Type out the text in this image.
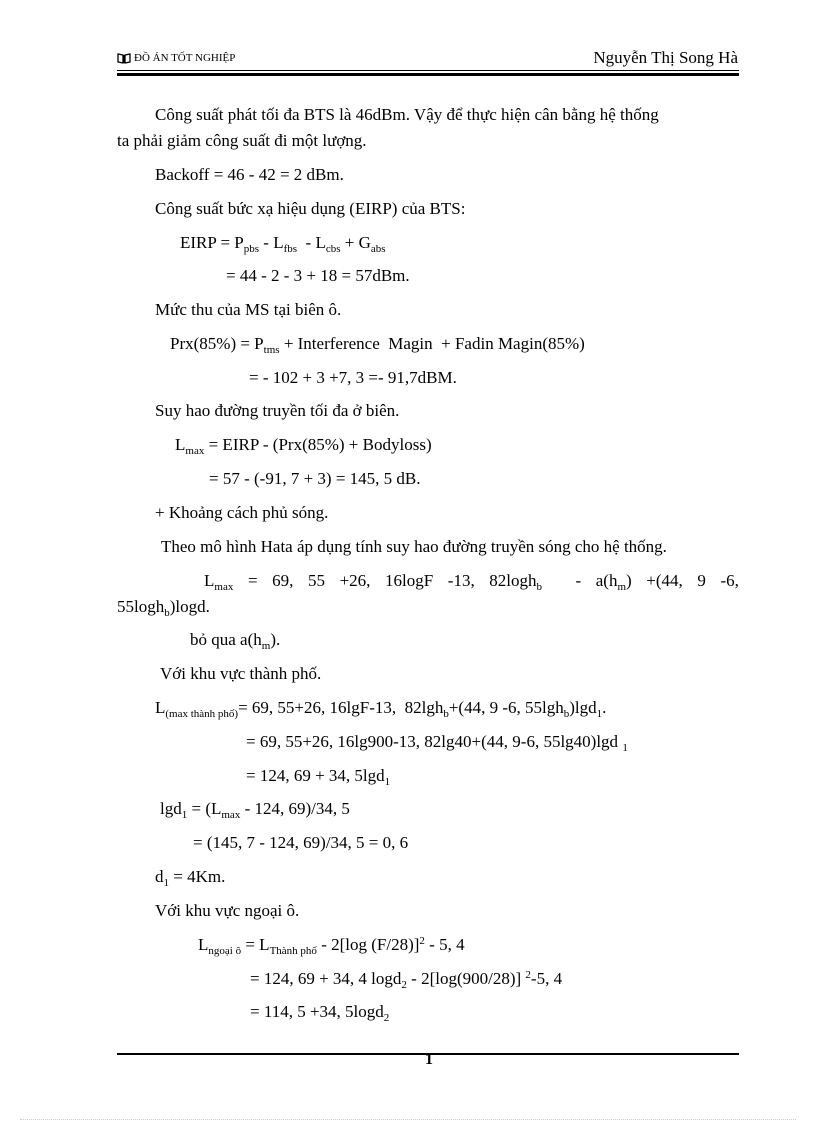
ĐỒ ÁN TỐT NGHIỆP	Nguyễn Thị Song Hà
Công suất phát tối đa BTS là 46dBm. Vậy để thực hiện cân bằng hệ thống
ta phải giảm công suất đi một lượng.
Backoff = 46 - 42 = 2 dBm.
Công suất bức xạ hiệu dụng (EIRP) của BTS:
EIRP = $P_{pbs} - L_{fbs} - L_{cbs} + G_{abs}$
= 44 - 2 - 3 + 18 = 57dBm.
Mức thu của MS tại biên ô.
$Prx(85\%) = P_{tms}$ + Interference  Magin  + Fadin Magin(85%)
= - 102 + 3 +7, 3 =- 91,7dBM.
Suy hao đường truyền tối đa ở biên.
$L_{max}$ = EIRP - (Prx(85%) + Bodyloss)
= 57 - (-91, 7 + 3) = 145, 5 dB.
+ Khoảng cách phủ sóng.
Theo mô hình Hata áp dụng tính suy hao đường truyền sóng cho hệ thống.
$L_{max} = 69$, 55 +26, 16logF -13, 82logh$_b$
- $a(h_m) +(44$, 9 -6,
55logh$_b$)logd.
bỏ qua $a(h_m)$.
Với khu vực thành phố.
$L_{(max thành phố)}= 69$, 55+26, 16lgF-13,  82lgh$_b$+(44, 9 -6, 55lgh$_b$)lgd$_1$.
= 69, 55+26, 16lg900-13, 82lg40+(44, 9-6, 55lg40)lgd $_1$
= 124, 69 + 34, 5lgd$_1$
$\lg d_1 = (L_{max} - 124$, 69)/34, 5
= (145, 7 - 124, 69)/34, 5 = 0, 6
$d_1 = 4Km$.
Với khu vực ngoại ô.
$L_{ngoại ô} = L_{Thành phố} - 2[\log$ (F/28)]$^2$ - 5, 4
= 124, 69 + 34, 4 logd$_2$ - 2[log(900/28)] $^2$-5, 4
= 114, 5 +34, 5logd$_2$
1
